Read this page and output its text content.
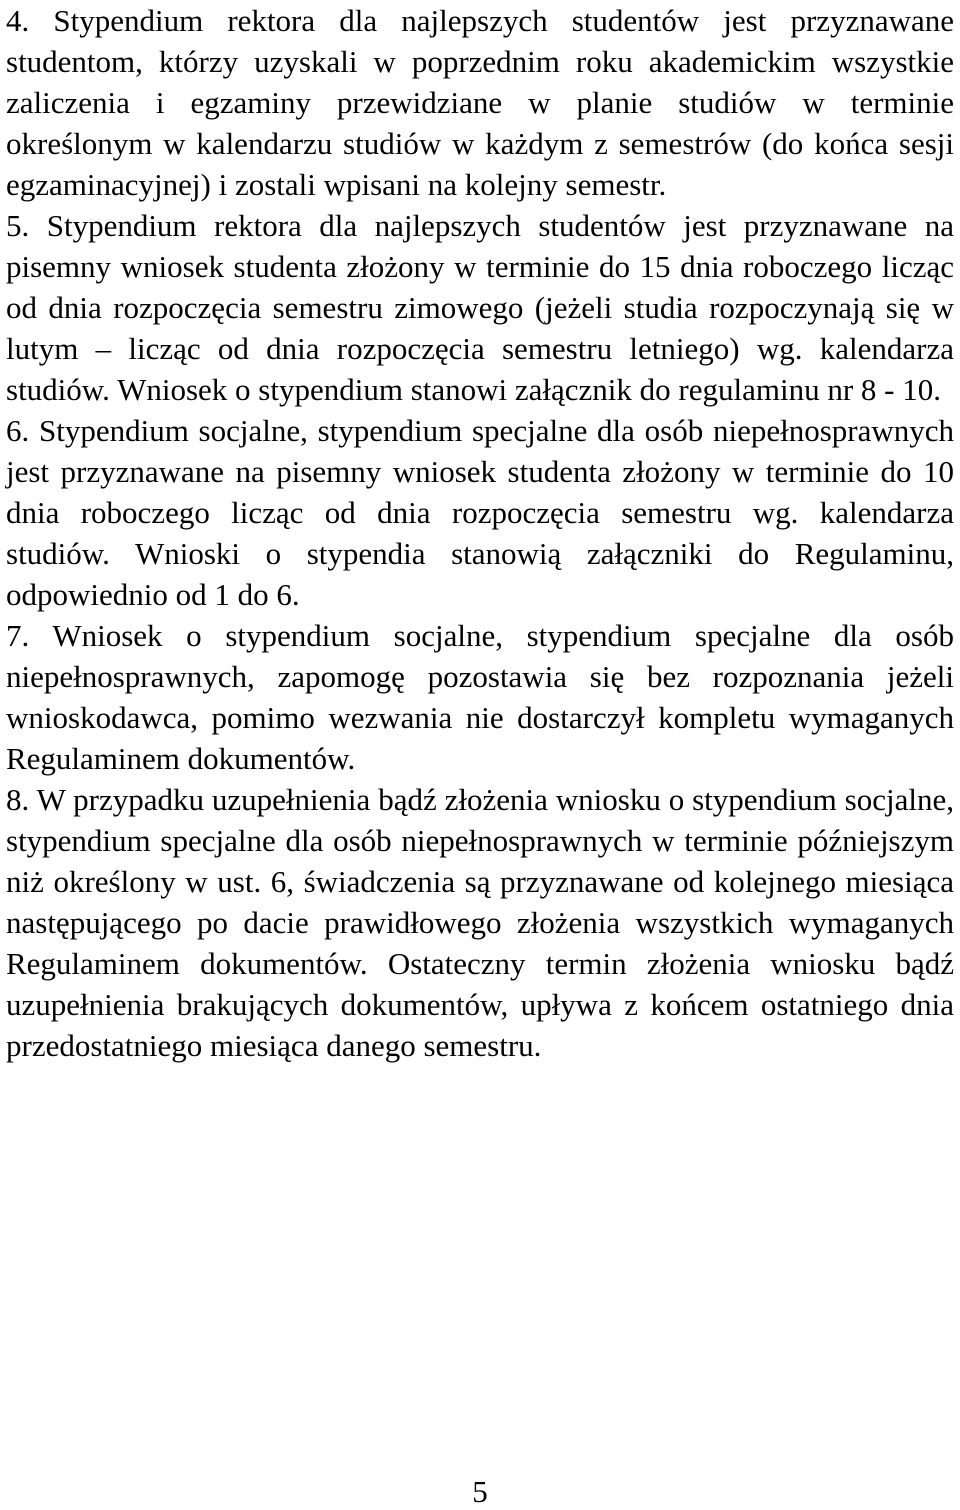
4. Stypendium rektora dla najlepszych studentów jest przyznawane studentom, którzy uzyskali w poprzednim roku akademickim wszystkie zaliczenia i egzaminy przewidziane w planie studiów w terminie określonym w kalendarzu studiów w każdym z semestrów (do końca sesji egzaminacyjnej) i zostali wpisani na kolejny semestr.

5. Stypendium rektora dla najlepszych studentów jest przyznawane na pisemny wniosek studenta złożony w terminie do 15 dnia roboczego licząc od dnia rozpoczęcia semestru zimowego (jeżeli studia rozpoczynają się w lutym – licząc od dnia rozpoczęcia semestru letniego) wg. kalendarza studiów. Wniosek o stypendium stanowi załącznik do regulaminu nr 8 - 10.

6. Stypendium socjalne, stypendium specjalne dla osób niepełnosprawnych jest przyznawane na pisemny wniosek studenta złożony w terminie do 10 dnia roboczego licząc od dnia rozpoczęcia semestru wg. kalendarza studiów. Wnioski o stypendia stanowią załączniki do Regulaminu, odpowiednio od 1 do 6.

7. Wniosek o stypendium socjalne, stypendium specjalne dla osób niepełnosprawnych, zapomogę pozostawia się bez rozpoznania jeżeli wnioskodawca, pomimo wezwania nie dostarczył kompletu wymaganych Regulaminem dokumentów.

8. W przypadku uzupełnienia bądź złożenia wniosku o stypendium socjalne, stypendium specjalne dla osób niepełnosprawnych w terminie późniejszym niż określony w ust. 6, świadczenia są przyznawane od kolejnego miesiąca następującego po dacie prawidłowego złożenia wszystkich wymaganych Regulaminem dokumentów. Ostateczny termin złożenia wniosku bądź uzupełnienia brakujących dokumentów, upływa z końcem ostatniego dnia przedostatniego miesiąca danego semestru.

5
